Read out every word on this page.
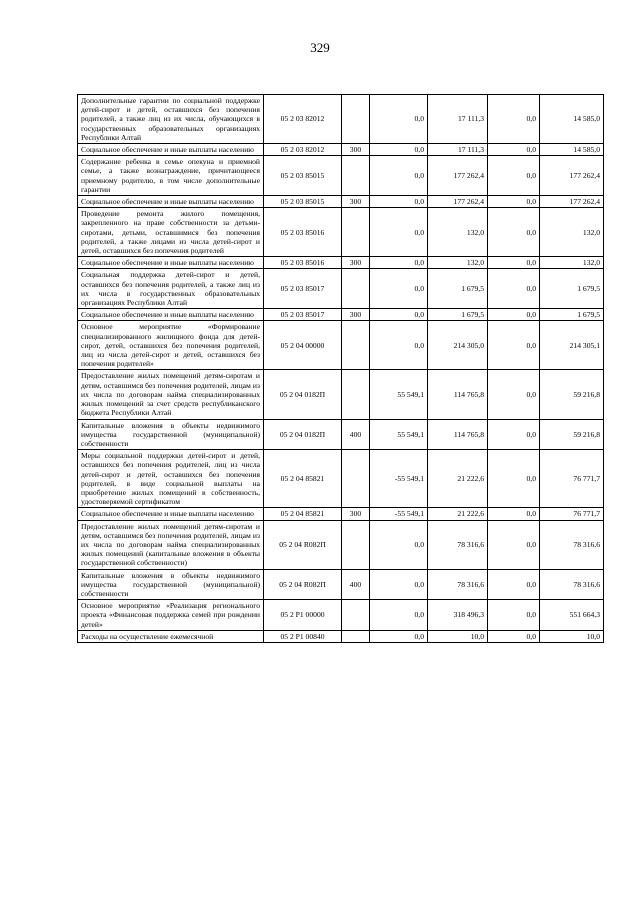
329
Дополнительные гарантии по социальной поддержке детей-сирот и детей, оставшихся без попечения родителей, а также лиц из их числа, обучающихся в государственных образовательных организациях Республики Алтай	05 2 03 82012		0,0	17 111,3	0,0	14 585,0
Социальное обеспечение и иные выплаты населению	05 2 03 82012	300	0,0	17 111,3	0,0	14 585,0
Содержание ребенка в семье опекуна и приемной семье, а также вознаграждение, причитающееся приемному родителю, в том числе дополнительные гарантии	05 2 03 85015		0,0	177 262,4	0,0	177 262,4
Социальное обеспечение и иные выплаты населению	05 2 03 85015	300	0,0	177 262,4	0,0	177 262,4
Проведение ремонта жилого помещения, закрепленного на праве собственности за детьми-сиротами, детьми, оставшимися без попечения родителей, а также лицами из числа детей-сирот и детей, оставшихся без попечения родителей	05 2 03 85016		0,0	132,0	0,0	132,0
Социальное обеспечение и иные выплаты населению	05 2 03 85016	300	0,0	132,0	0,0	132,0
Социальная поддержка детей-сирот и детей, оставшихся без попечения родителей, а также лиц из их числа в государственных образовательных организациях Республики Алтай	05 2 03 85017		0,0	1 679,5	0,0	1 679,5
Социальное обеспечение и иные выплаты населению	05 2 03 85017	300	0,0	1 679,5	0,0	1 679,5
Основное мероприятие «Формирование специализированного жилищного фонда для детей-сирот, детей, оставшихся без попечения родителей, лиц из числа детей-сирот и детей, оставшихся без попечения родителей»	05 2 04 00000		0,0	214 305,0	0,0	214 305,1
Предоставление жилых помещений детям-сиротам и детям, оставшимся без попечения родителей, лицам из их числа по договорам найма специализированных жилых помещений за счет средств республиканского бюджета Республики Алтай	05 2 04 0182П		55 549,1	114 765,8	0,0	59 216,8
Капитальные вложения в объекты недвижимого имущества государственной (муниципальной) собственности	05 2 04 0182П	400	55 549,1	114 765,8	0,0	59 216,8
Меры социальной поддержки детей-сирот и детей, оставшихся без попечения родителей, лиц из числа детей-сирот и детей, оставшихся без попечения родителей, в виде социальной выплаты на приобретение жилых помещений в собственность, удостоверяемой сертификатом	05 2 04 85821		-55 549,1	21 222,6	0,0	76 771,7
Социальное обеспечение и иные выплаты населению	05 2 04 85821	300	-55 549,1	21 222,6	0,0	76 771,7
Предоставление жилых помещений детям-сиротам и детям, оставшимся без попечения родителей, лицам из их числа по договорам найма специализированных жилых помещений (капитальные вложения в объекты государственной собственности)	05 2 04 R082П		0,0	78 316,6	0,0	78 316,6
Капитальные вложения в объекты недвижимого имущества государственной (муниципальной) собственности	05 2 04 R082П	400	0,0	78 316,6	0,0	78 316,6
Основное мероприятие «Реализация регионального проекта «Финансовая поддержка семей при рождении детей»	05 2 P1 00000		0,0	318 496,3	0,0	551 664,3
Расходы на осуществление ежемесячной	05 2 P1 00840		0,0	10,0	0,0	10,0
